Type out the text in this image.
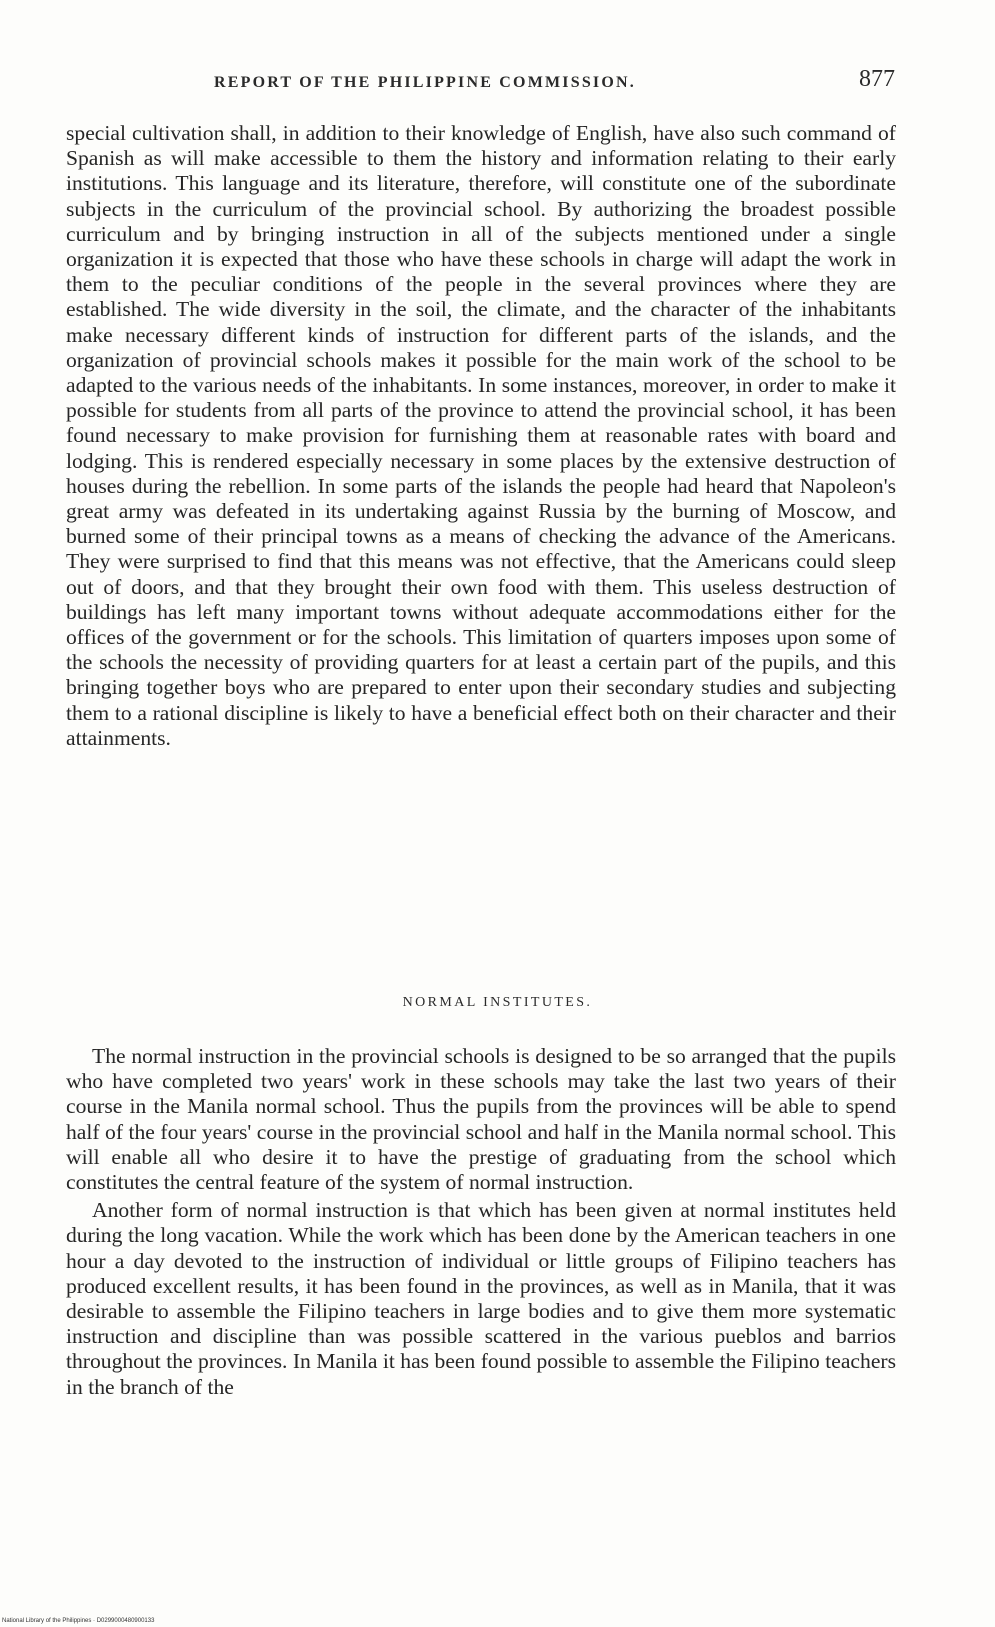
REPORT OF THE PHILIPPINE COMMISSION.	877

special cultivation shall, in addition to their knowledge of English, have also such command of Spanish as will make accessible to them the history and information relating to their early institutions. This language and its literature, therefore, will constitute one of the subordinate subjects in the curriculum of the provincial school. By authorizing the broadest possible curriculum and by bringing instruction in all of the subjects mentioned under a single organization it is expected that those who have these schools in charge will adapt the work in them to the peculiar conditions of the people in the several provinces where they are established. The wide diversity in the soil, the climate, and the character of the inhabitants make necessary different kinds of instruction for different parts of the islands, and the organization of provincial schools makes it possible for the main work of the school to be adapted to the various needs of the inhabitants. In some instances, moreover, in order to make it possible for students from all parts of the province to attend the provincial school, it has been found necessary to make provision for furnishing them at reasonable rates with board and lodging. This is rendered especially necessary in some places by the extensive destruction of houses during the rebellion. In some parts of the islands the people had heard that Napoleon's great army was defeated in its undertaking against Russia by the burning of Moscow, and burned some of their principal towns as a means of checking the advance of the Americans. They were surprised to find that this means was not effective, that the Americans could sleep out of doors, and that they brought their own food with them. This useless destruction of buildings has left many important towns without adequate accommodations either for the offices of the government or for the schools. This limitation of quarters imposes upon some of the schools the necessity of providing quarters for at least a certain part of the pupils, and this bringing together boys who are prepared to enter upon their secondary studies and subjecting them to a rational discipline is likely to have a beneficial effect both on their character and their attainments.

NORMAL INSTITUTES.

The normal instruction in the provincial schools is designed to be so arranged that the pupils who have completed two years' work in these schools may take the last two years of their course in the Manila normal school. Thus the pupils from the provinces will be able to spend half of the four years' course in the provincial school and half in the Manila normal school. This will enable all who desire it to have the prestige of graduating from the school which constitutes the central feature of the system of normal instruction.

Another form of normal instruction is that which has been given at normal institutes held during the long vacation. While the work which has been done by the American teachers in one hour a day devoted to the instruction of individual or little groups of Filipino teachers has produced excellent results, it has been found in the provinces, as well as in Manila, that it was desirable to assemble the Filipino teachers in large bodies and to give them more systematic instruction and discipline than was possible scattered in the various pueblos and barrios throughout the provinces. In Manila it has been found possible to assemble the Filipino teachers in the branch of the

National Library of the Philippines · D0299000480900133
